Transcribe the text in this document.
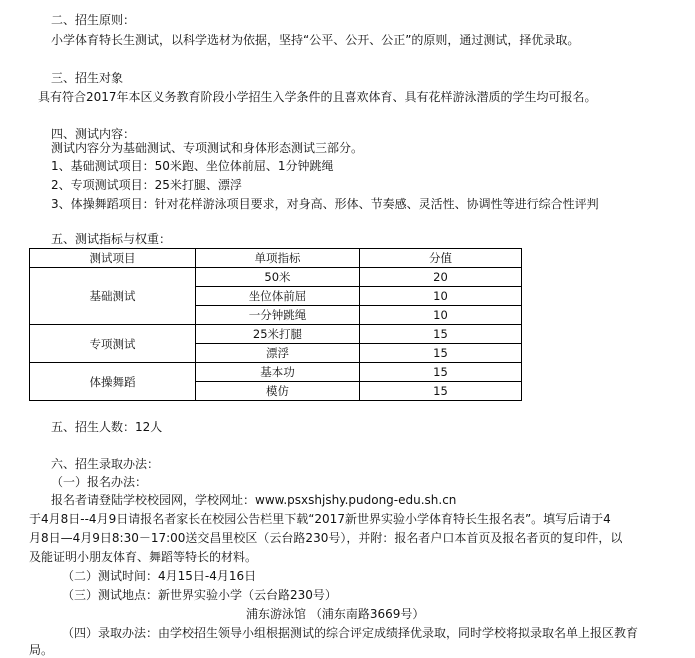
二、招生原则：
小学体育特长生测试，以科学选材为依据，坚持“公平、公开、公正”的原则，通过测试，择优录取。
三、招生对象
具有符合2017年本区义务教育阶段小学招生入学条件的且喜欢体育、具有花样游泳潜质的学生均可报名。
四、测试内容：
测试内容分为基础测试、专项测试和身体形态测试三部分。
1、基础测试项目：50米跑、坐位体前屈、1分钟跳绳
2、专项测试项目：25米打腿、漂浮
3、体操舞蹈项目：针对花样游泳项目要求，对身高、形体、节奏感、灵活性、协调性等进行综合性评判
五、测试指标与权重：
测试项目	单项指标	分值
基础测试	50米	20
	坐位体前屈	10
	一分钟跳绳	10
专项测试	25米打腿	15
	漂浮	15
体操舞蹈	基本功	15
	模仿	15
五、招生人数：12人
六、招生录取办法：
（一）报名办法：
报名者请登陆学校校园网，学校网址：www.psxshjshy.pudong-edu.sh.cn
于4月8日--4月9日请报名者家长在校园公告栏里下载“2017新世界实验小学体育特长生报名表”。填写后请于4
月8日—4月9日8:30－17:00送交昌里校区（云台路230号），并附：报名者户口本首页及报名者页的复印件，以
及能证明小朋友体育、舞蹈等特长的材料。
（二）测试时间：4月15日-4月16日
（三）测试地点：新世界实验小学（云台路230号）
浦东游泳馆 （浦东南路3669号）
（四）录取办法：由学校招生领导小组根据测试的综合评定成绩择优录取，同时学校将拟录取名单上报区教育
局。
